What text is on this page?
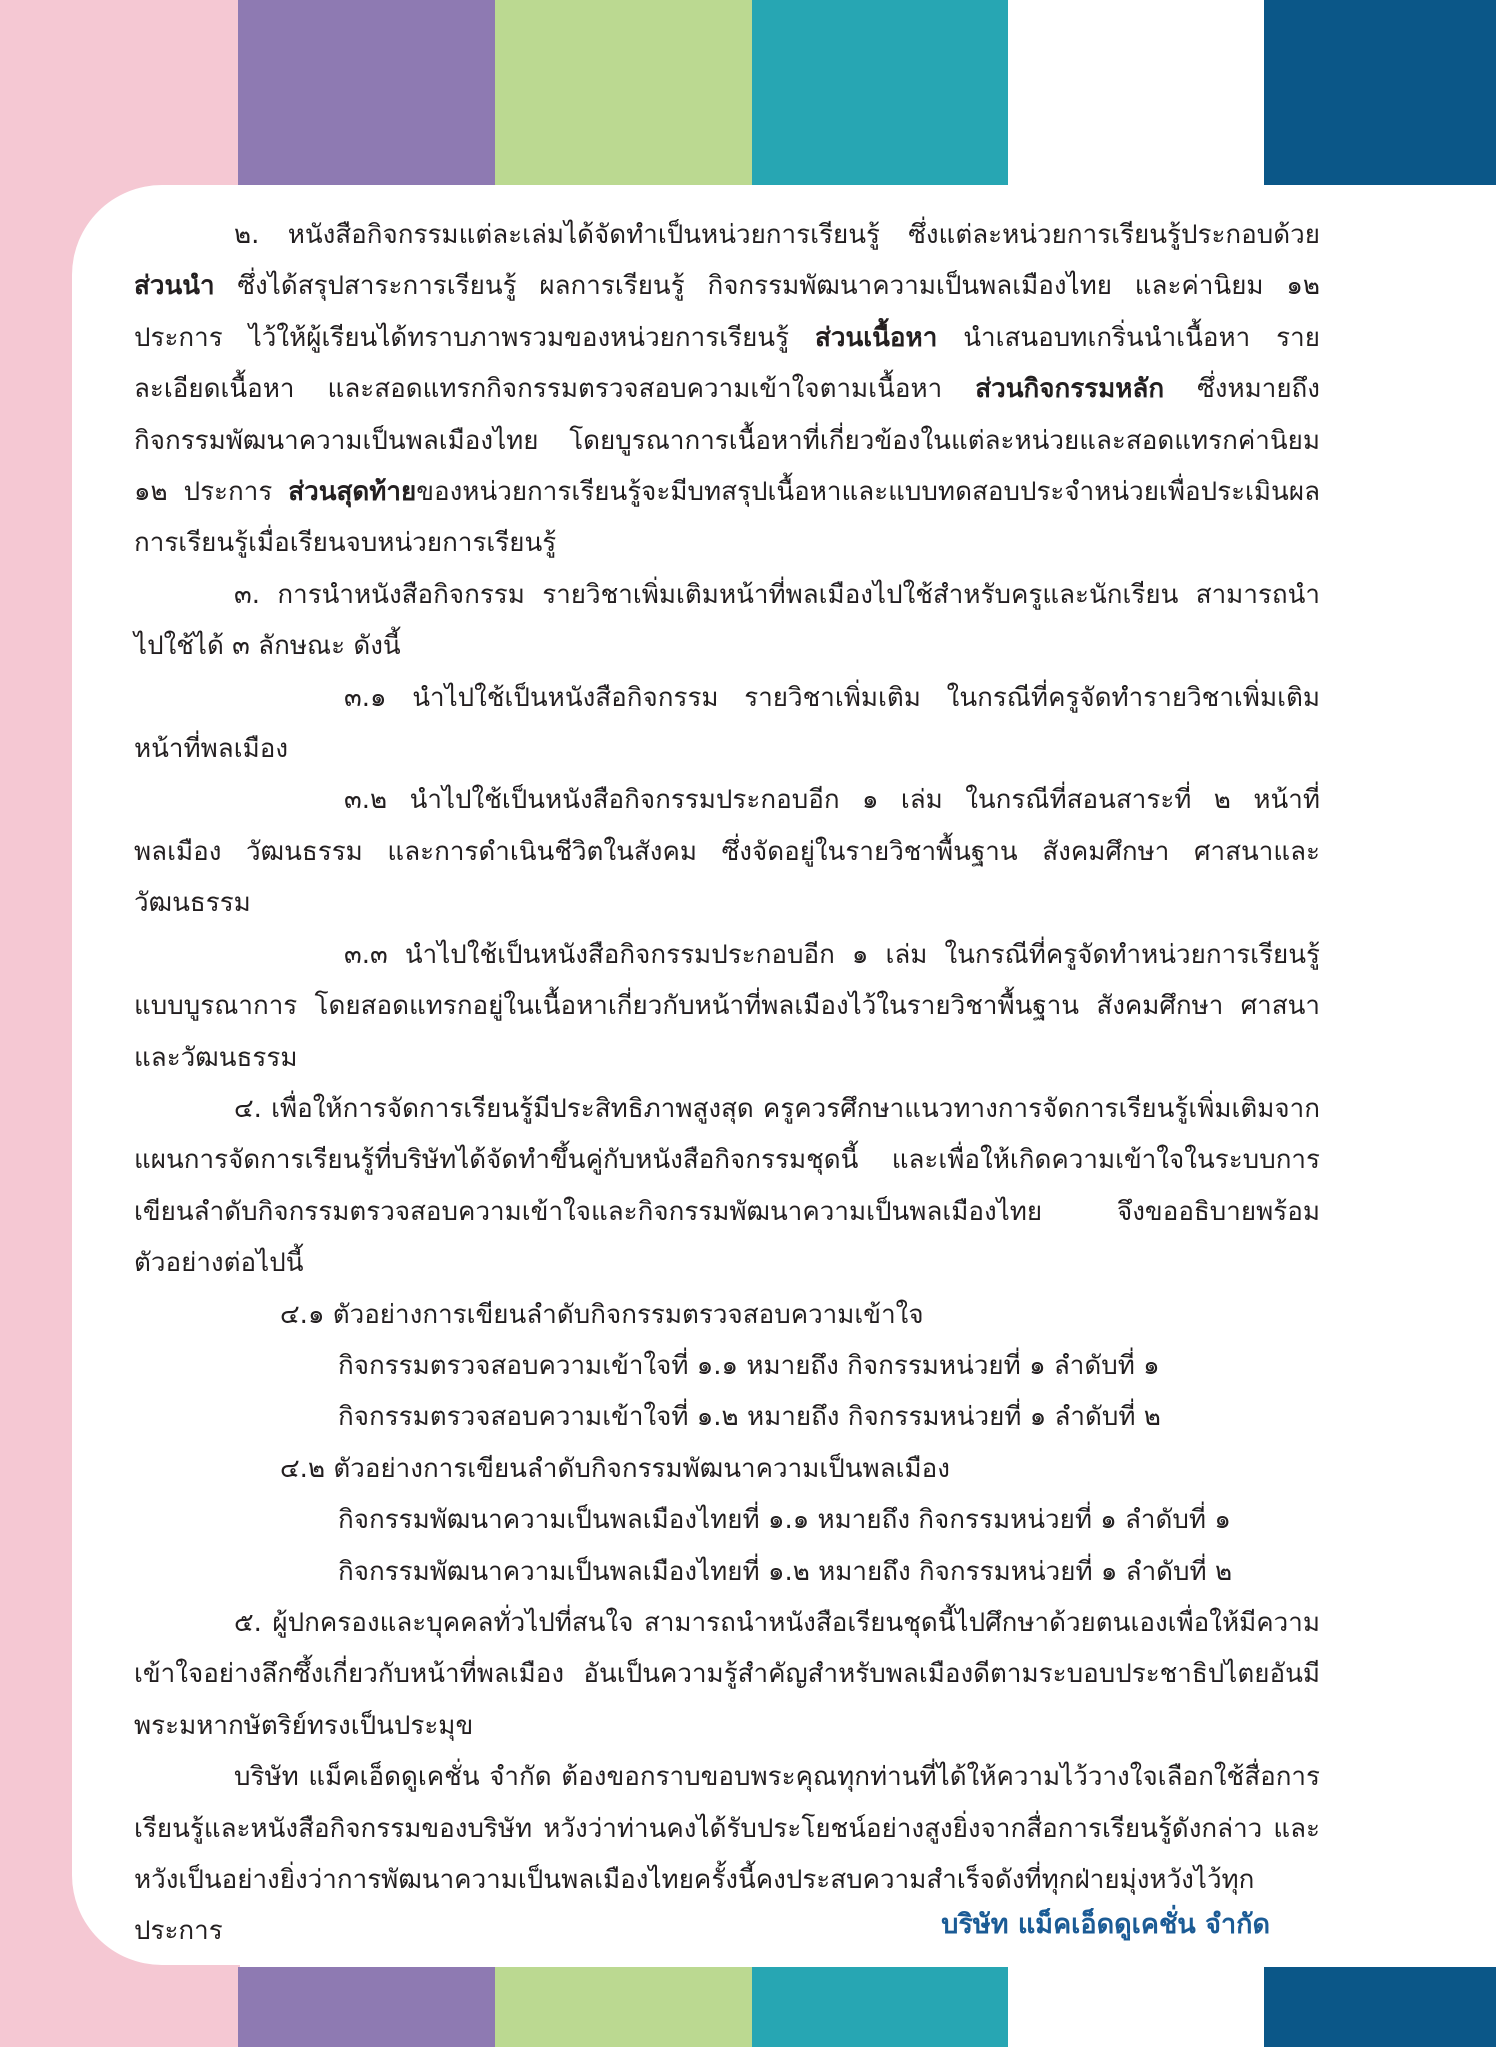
๒. หนังสือกิจกรรมแต่ละเล่มได้จัดทำเป็นหน่วยการเรียนรู้ ซึ่งแต่ละหน่วยการเรียนรู้ประกอบด้วย ส่วนนำ ซึ่งได้สรุปสาระการเรียนรู้ ผลการเรียนรู้ กิจกรรมพัฒนาความเป็นพลเมืองไทย และค่านิยม ๑๒ ประการ ไว้ให้ผู้เรียนได้ทราบภาพรวมของหน่วยการเรียนรู้ ส่วนเนื้อหา นำเสนอบทเกริ่นนำเนื้อหา รายละเอียดเนื้อหา และสอดแทรกกิจกรรมตรวจสอบความเข้าใจตามเนื้อหา ส่วนกิจกรรมหลัก ซึ่งหมายถึง กิจกรรมพัฒนาความเป็นพลเมืองไทย โดยบูรณาการเนื้อหาที่เกี่ยวข้องในแต่ละหน่วยและสอดแทรกค่านิยม ๑๒ ประการ ส่วนสุดท้ายของหน่วยการเรียนรู้จะมีบทสรุปเนื้อหาและแบบทดสอบประจำหน่วยเพื่อประเมินผลการเรียนรู้เมื่อเรียนจบหน่วยการเรียนรู้

๓. การนำหนังสือกิจกรรม รายวิชาเพิ่มเติมหน้าที่พลเมืองไปใช้สำหรับครูและนักเรียน สามารถนำไปใช้ได้ ๓ ลักษณะ ดังนี้

๓.๑ นำไปใช้เป็นหนังสือกิจกรรม รายวิชาเพิ่มเติม ในกรณีที่ครูจัดทำรายวิชาเพิ่มเติม หน้าที่พลเมือง

๓.๒ นำไปใช้เป็นหนังสือกิจกรรมประกอบอีก ๑ เล่ม ในกรณีที่สอนสาระที่ ๒ หน้าที่พลเมือง วัฒนธรรม และการดำเนินชีวิตในสังคม ซึ่งจัดอยู่ในรายวิชาพื้นฐาน สังคมศึกษา ศาสนาและวัฒนธรรม

๓.๓ นำไปใช้เป็นหนังสือกิจกรรมประกอบอีก ๑ เล่ม ในกรณีที่ครูจัดทำหน่วยการเรียนรู้แบบบูรณาการ โดยสอดแทรกอยู่ในเนื้อหาเกี่ยวกับหน้าที่พลเมืองไว้ในรายวิชาพื้นฐาน สังคมศึกษา ศาสนา และวัฒนธรรม

๔. เพื่อให้การจัดการเรียนรู้มีประสิทธิภาพสูงสุด ครูควรศึกษาแนวทางการจัดการเรียนรู้เพิ่มเติมจากแผนการจัดการเรียนรู้ที่บริษัทได้จัดทำขึ้นคู่กับหนังสือกิจกรรมชุดนี้ และเพื่อให้เกิดความเข้าใจในระบบการเขียนลำดับกิจกรรมตรวจสอบความเข้าใจและกิจกรรมพัฒนาความเป็นพลเมืองไทย จึงขออธิบายพร้อมตัวอย่างต่อไปนี้

๔.๑ ตัวอย่างการเขียนลำดับกิจกรรมตรวจสอบความเข้าใจ

กิจกรรมตรวจสอบความเข้าใจที่ ๑.๑ หมายถึง กิจกรรมหน่วยที่ ๑ ลำดับที่ ๑

กิจกรรมตรวจสอบความเข้าใจที่ ๑.๒ หมายถึง กิจกรรมหน่วยที่ ๑ ลำดับที่ ๒

๔.๒ ตัวอย่างการเขียนลำดับกิจกรรมพัฒนาความเป็นพลเมือง

กิจกรรมพัฒนาความเป็นพลเมืองไทยที่ ๑.๑ หมายถึง กิจกรรมหน่วยที่ ๑ ลำดับที่ ๑

กิจกรรมพัฒนาความเป็นพลเมืองไทยที่ ๑.๒ หมายถึง กิจกรรมหน่วยที่ ๑ ลำดับที่ ๒

๕. ผู้ปกครองและบุคคลทั่วไปที่สนใจ สามารถนำหนังสือเรียนชุดนี้ไปศึกษาด้วยตนเองเพื่อให้มีความเข้าใจอย่างลึกซึ้งเกี่ยวกับหน้าที่พลเมือง อันเป็นความรู้สำคัญสำหรับพลเมืองดีตามระบอบประชาธิปไตยอันมีพระมหากษัตริย์ทรงเป็นประมุข

บริษัท แม็คเอ็ดดูเคชั่น จำกัด ต้องขอกราบขอบพระคุณทุกท่านที่ได้ให้ความไว้วางใจเลือกใช้สื่อการเรียนรู้และหนังสือกิจกรรมของบริษัท หวังว่าท่านคงได้รับประโยชน์อย่างสูงยิ่งจากสื่อการเรียนรู้ดังกล่าว และหวังเป็นอย่างยิ่งว่าการพัฒนาความเป็นพลเมืองไทยครั้งนี้คงประสบความสำเร็จดังที่ทุกฝ่ายมุ่งหวังไว้ทุกประการ	บริษัท แม็คเอ็ดดูเคชั่น จำกัด
